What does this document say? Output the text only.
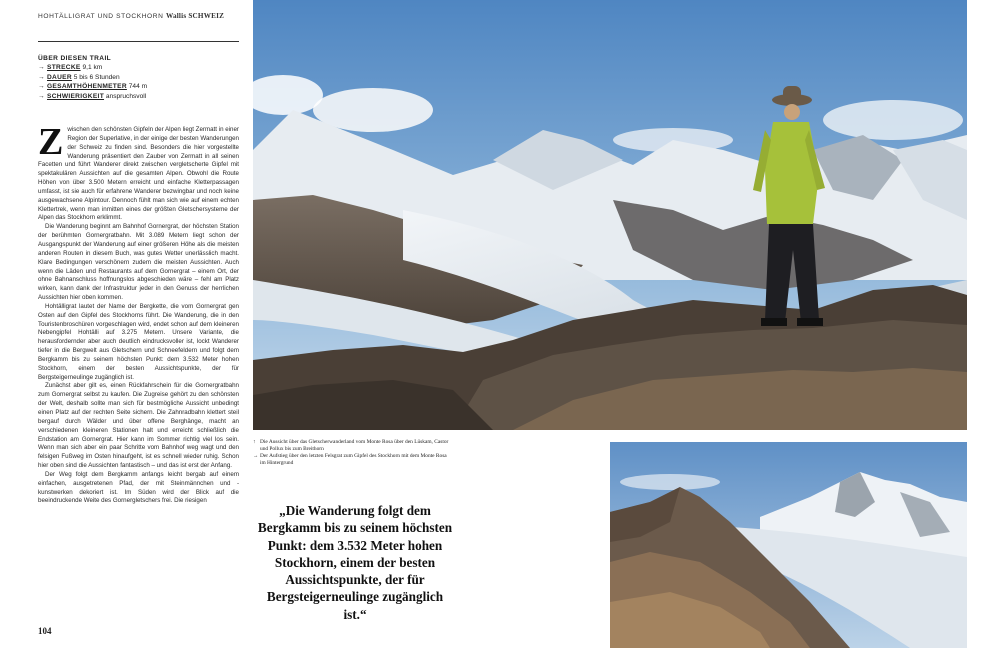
HOHTÄLLIGRAT UND STOCKHORN Wallis SCHWEIZ
ÜBER DIESEN TRAIL
→ STRECKE 9,1 km
→ DAUER 5 bis 6 Stunden
→ GESAMTHÖHENMETER 744 m
→ SCHWIERIGKEIT anspruchsvoll

Zwischen den schönsten Gipfeln der Alpen liegt Zermatt in einer Region der Superlative, in der einige der besten Wanderungen der Schweiz zu finden sind. Besonders die hier vorgestellte Wanderung präsentiert den Zauber von Zermatt in all seinen Facetten und führt Wanderer direkt zwischen vergletscherte Gipfel mit spektakulären Aussichten auf die gesamten Alpen. Obwohl die Route Höhen von über 3.500 Metern erreicht und einfache Kletterpassagen umfasst, ist sie auch für erfahrene Wanderer bezwingbar und noch keine ausgewachsene Alpintour. Dennoch fühlt man sich wie auf einem echten Klettertrek, wenn man inmitten eines der größten Gletschersysteme der Alpen das Stockhorn erklimmt.

Die Wanderung beginnt am Bahnhof Gornergrat, der höchsten Station der berühmten Gornergratbahn. Mit 3.089 Metern liegt schon der Ausgangspunkt der Wanderung auf einer größeren Höhe als die meisten anderen Routen in diesem Buch, was gutes Wetter unerlässlich macht. Klare Bedingungen verschönern zudem die meisten Aussichten. Auch wenn die Läden und Restaurants auf dem Gornergrat – einem Ort, der ohne Bahnanschluss hoffnungslos abgeschieden wäre – fehl am Platz wirken, kann dank der Infrastruktur jeder in den Genuss der herrlichen Aussichten hier oben kommen.

Hohtälligrat lautet der Name der Bergkette, die vom Gornergrat gen Osten auf den Gipfel des Stockhorns führt. Die Wanderung, die in den Touristenbroschüren vorgeschlagen wird, endet schon auf dem kleineren Nebengipfel Hohtälli auf 3.275 Metern. Unsere Variante, die herausfordernder aber auch deutlich eindrucksvoller ist, lockt Wanderer tiefer in die Bergwelt aus Gletschern und Schneefeldern und folgt dem Bergkamm bis zu seinem höchsten Punkt: dem 3.532 Meter hohen Stockhorn, einem der besten Aussichtspunkte, der für Bergsteigerneulinge zugänglich ist.

Zunächst aber gilt es, einen Rückfahrschein für die Gornergratbahn zum Gornergrat selbst zu kaufen. Die Zugreise gehört zu den schönsten der Welt, deshalb sollte man sich für bestmögliche Aussicht unbedingt einen Platz auf der rechten Seite sichern. Die Zahnradbahn klettert steil bergauf durch Wälder und über offene Berghänge, macht an verschiedenen kleineren Stationen halt und erreicht schließlich die Endstation am Gornergrat. Hier kann im Sommer richtig viel los sein. Wenn man sich aber ein paar Schritte vom Bahnhof weg wagt und den felsigen Fußweg im Osten hinaufgeht, ist es schnell wieder ruhig. Schon hier oben sind die Aussichten fantastisch – und das ist erst der Anfang.

Der Weg folgt dem Bergkamm anfangs leicht bergab auf einem einfachen, ausgetretenen Pfad, der mit Steinmännchen und -kunstwerken dekoriert ist. Im Süden wird der Blick auf die beeindruckende Weite des Gornergletschers frei. Die riesigen

104
↑ Die Aussicht über das Gletscherwanderland vom Monte Rosa über den Lüskam, Castor und Pollux bis zum Breithorn
→ Der Aufstieg über den letzten Felsgrat zum Gipfel des Stockhorn mit dem Monte Rosa im Hintergrund
„Die Wanderung folgt dem Bergkamm bis zu seinem höchsten Punkt: dem 3.532 Meter hohen Stockhorn, einem der besten Aussichtspunkte, der für Bergsteigerneulinge zugänglich ist.“
